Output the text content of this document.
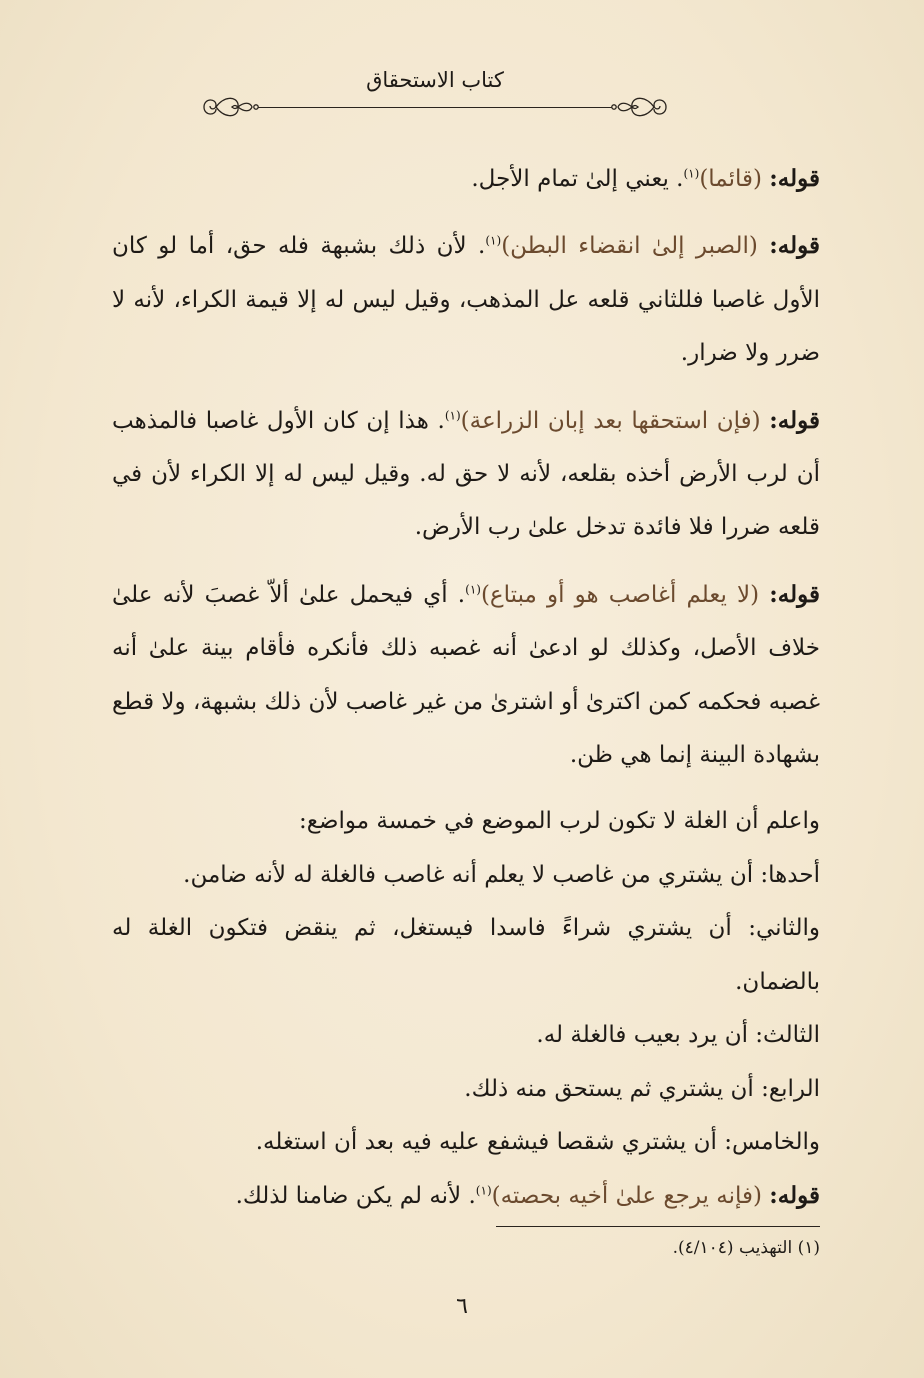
كتاب الاستحقاق

قوله: (قائما)$^{(١)}$. يعني إلىٰ تمام الأجل.

قوله: (الصبر إلىٰ انقضاء البطن)$^{(١)}$. لأن ذلك بشبهة فله حق، أما لو كان الأول غاصبا فللثاني قلعه عل المذهب، وقيل ليس له إلا قيمة الكراء، لأنه لا ضرر ولا ضرار.

قوله: (فإن استحقها بعد إبان الزراعة)$^{(١)}$. هذا إن كان الأول غاصبا فالمذهب أن لرب الأرض أخذه بقلعه، لأنه لا حق له. وقيل ليس له إلا الكراء لأن في قلعه ضررا فلا فائدة تدخل علىٰ رب الأرض.

قوله: (لا يعلم أغاصب هو أو مبتاع)$^{(١)}$. أي فيحمل علىٰ ألاّ غصبَ لأنه علىٰ خلاف الأصل، وكذلك لو ادعىٰ أنه غصبه ذلك فأنكره فأقام بينة علىٰ أنه غصبه فحكمه كمن اكترىٰ أو اشترىٰ من غير غاصب لأن ذلك بشبهة، ولا قطع بشهادة البينة إنما هي ظن.

واعلم أن الغلة لا تكون لرب الموضع في خمسة مواضع:

أحدها: أن يشتري من غاصب لا يعلم أنه غاصب فالغلة له لأنه ضامن.

والثاني: أن يشتري شراءً فاسدا فيستغل، ثم ينقض فتكون الغلة له بالضمان.

الثالث: أن يرد بعيب فالغلة له.

الرابع: أن يشتري ثم يستحق منه ذلك.

والخامس: أن يشتري شقصا فيشفع عليه فيه بعد أن استغله.

قوله: (فإنه يرجع علىٰ أخيه بحصته)$^{(١)}$. لأنه لم يكن ضامنا لذلك.

(١) التهذيب (٤/١٠٤).
٦
